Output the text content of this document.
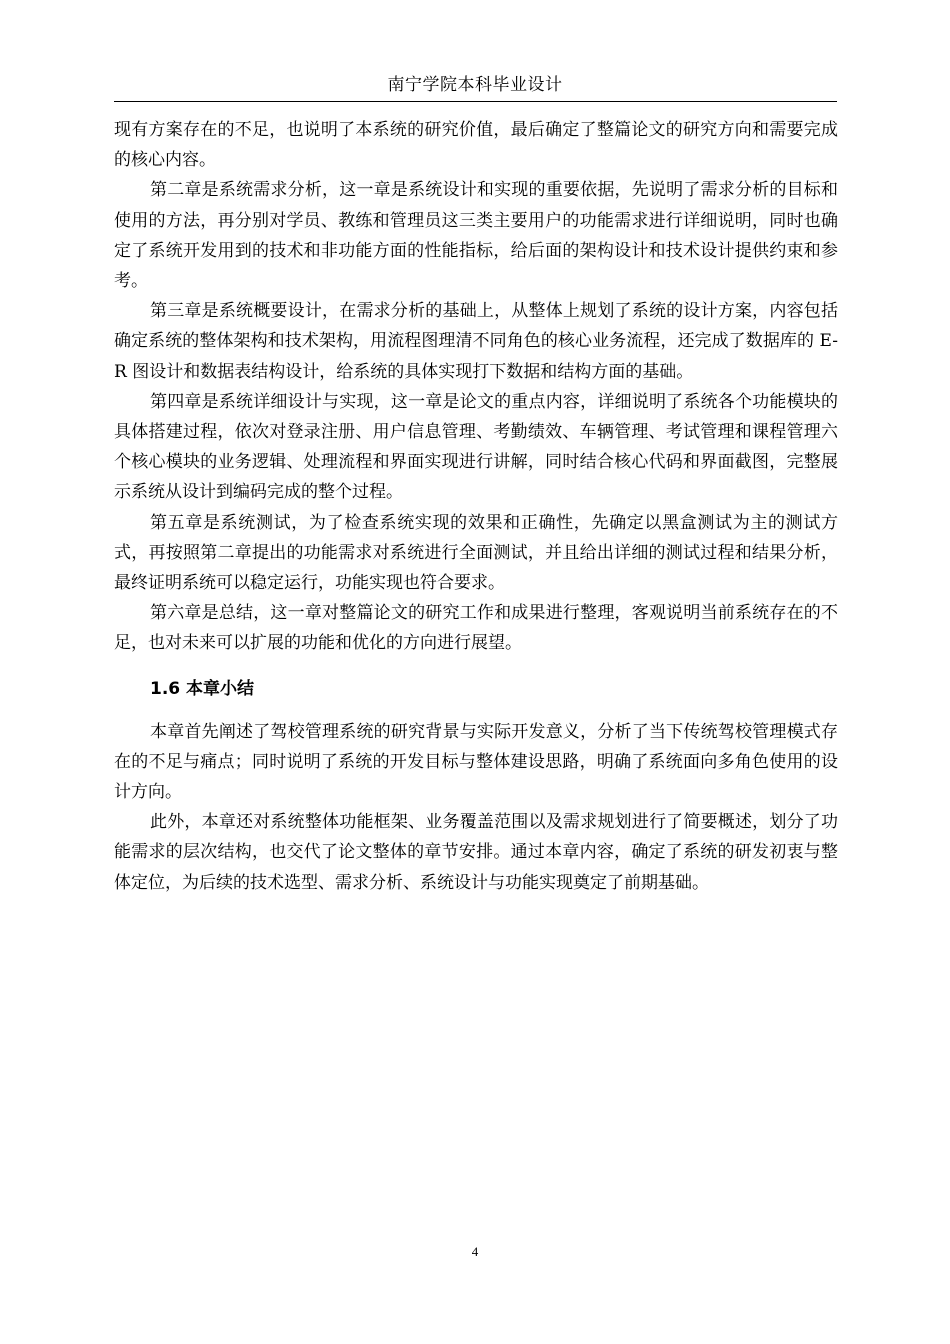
南宁学院本科毕业设计

现有方案存在的不足，也说明了本系统的研究价值，最后确定了整篇论文的研究方向和需要完成的核心内容。

第二章是系统需求分析，这一章是系统设计和实现的重要依据，先说明了需求分析的目标和使用的方法，再分别对学员、教练和管理员这三类主要用户的功能需求进行详细说明，同时也确定了系统开发用到的技术和非功能方面的性能指标，给后面的架构设计和技术设计提供约束和参考。

第三章是系统概要设计，在需求分析的基础上，从整体上规划了系统的设计方案，内容包括确定系统的整体架构和技术架构，用流程图理清不同角色的核心业务流程，还完成了数据库的 E-R 图设计和数据表结构设计，给系统的具体实现打下数据和结构方面的基础。

第四章是系统详细设计与实现，这一章是论文的重点内容，详细说明了系统各个功能模块的具体搭建过程，依次对登录注册、用户信息管理、考勤绩效、车辆管理、考试管理和课程管理六个核心模块的业务逻辑、处理流程和界面实现进行讲解，同时结合核心代码和界面截图，完整展示系统从设计到编码完成的整个过程。

第五章是系统测试，为了检查系统实现的效果和正确性，先确定以黑盒测试为主的测试方式，再按照第二章提出的功能需求对系统进行全面测试，并且给出详细的测试过程和结果分析，最终证明系统可以稳定运行，功能实现也符合要求。

第六章是总结，这一章对整篇论文的研究工作和成果进行整理，客观说明当前系统存在的不足，也对未来可以扩展的功能和优化的方向进行展望。

1.6 本章小结

本章首先阐述了驾校管理系统的研究背景与实际开发意义，分析了当下传统驾校管理模式存在的不足与痛点；同时说明了系统的开发目标与整体建设思路，明确了系统面向多角色使用的设计方向。

此外，本章还对系统整体功能框架、业务覆盖范围以及需求规划进行了简要概述，划分了功能需求的层次结构，也交代了论文整体的章节安排。通过本章内容，确定了系统的研发初衷与整体定位，为后续的技术选型、需求分析、系统设计与功能实现奠定了前期基础。

4
